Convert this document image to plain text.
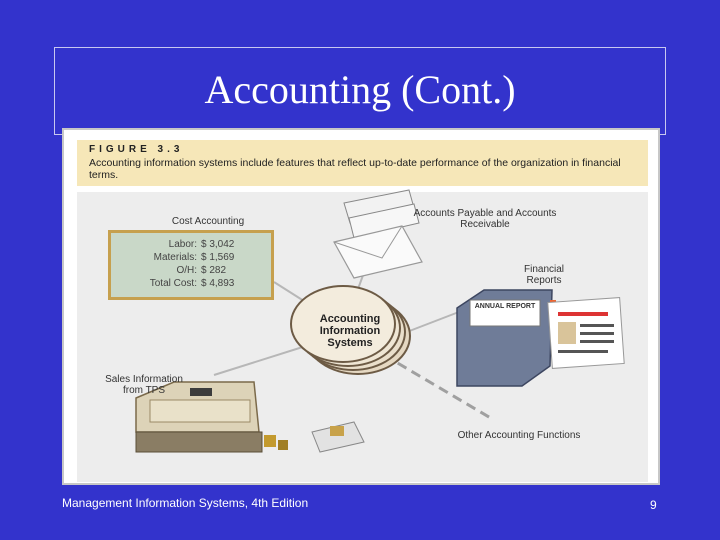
Accounting (Cont.)
FIGURE 3.3
Accounting information systems include features that reflect up-to-date performance of the organization in financial terms.
Cost Accounting
Labor: $ 3,042
Materials: $ 1,569
O/H: $ 282
Total Cost: $ 4,893
Accounts Payable and Accounts Receivable
Financial Reports
ANNUAL REPORT
Accounting Information Systems
Sales Information from TPS
Other Accounting Functions
Management Information Systems, 4th Edition	9
